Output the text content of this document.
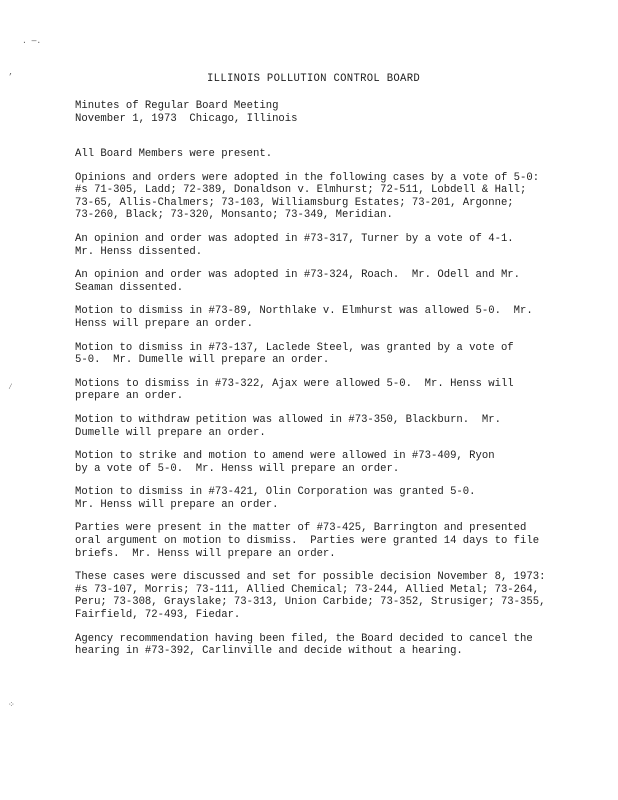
. —.
’
⁄
⁘
ILLINOIS POLLUTION CONTROL BOARD
Minutes of Regular Board Meeting
November 1, 1973  Chicago, Illinois
All Board Members were present.
Opinions and orders were adopted in the following cases by a vote of 5-0:
#s 71-305, Ladd; 72-389, Donaldson v. Elmhurst; 72-511, Lobdell & Hall;
73-65, Allis-Chalmers; 73-103, Williamsburg Estates; 73-201, Argonne;
73-260, Black; 73-320, Monsanto; 73-349, Meridian.
An opinion and order was adopted in #73-317, Turner by a vote of 4-1.
Mr. Henss dissented.
An opinion and order was adopted in #73-324, Roach.  Mr. Odell and Mr.
Seaman dissented.
Motion to dismiss in #73-89, Northlake v. Elmhurst was allowed 5-0.  Mr.
Henss will prepare an order.
Motion to dismiss in #73-137, Laclede Steel, was granted by a vote of
5-0.  Mr. Dumelle will prepare an order.
Motions to dismiss in #73-322, Ajax were allowed 5-0.  Mr. Henss will
prepare an order.
Motion to withdraw petition was allowed in #73-350, Blackburn.  Mr.
Dumelle will prepare an order.
Motion to strike and motion to amend were allowed in #73-409, Ryon
by a vote of 5-0.  Mr. Henss will prepare an order.
Motion to dismiss in #73-421, Olin Corporation was granted 5-0.
Mr. Henss will prepare an order.
Parties were present in the matter of #73-425, Barrington and presented
oral argument on motion to dismiss.  Parties were granted 14 days to file
briefs.  Mr. Henss will prepare an order.
These cases were discussed and set for possible decision November 8, 1973:
#s 73-107, Morris; 73-111, Allied Chemical; 73-244, Allied Metal; 73-264,
Peru; 73-308, Grayslake; 73-313, Union Carbide; 73-352, Strusiger; 73-355,
Fairfield, 72-493, Fiedar.
Agency recommendation having been filed, the Board decided to cancel the
hearing in #73-392, Carlinville and decide without a hearing.
